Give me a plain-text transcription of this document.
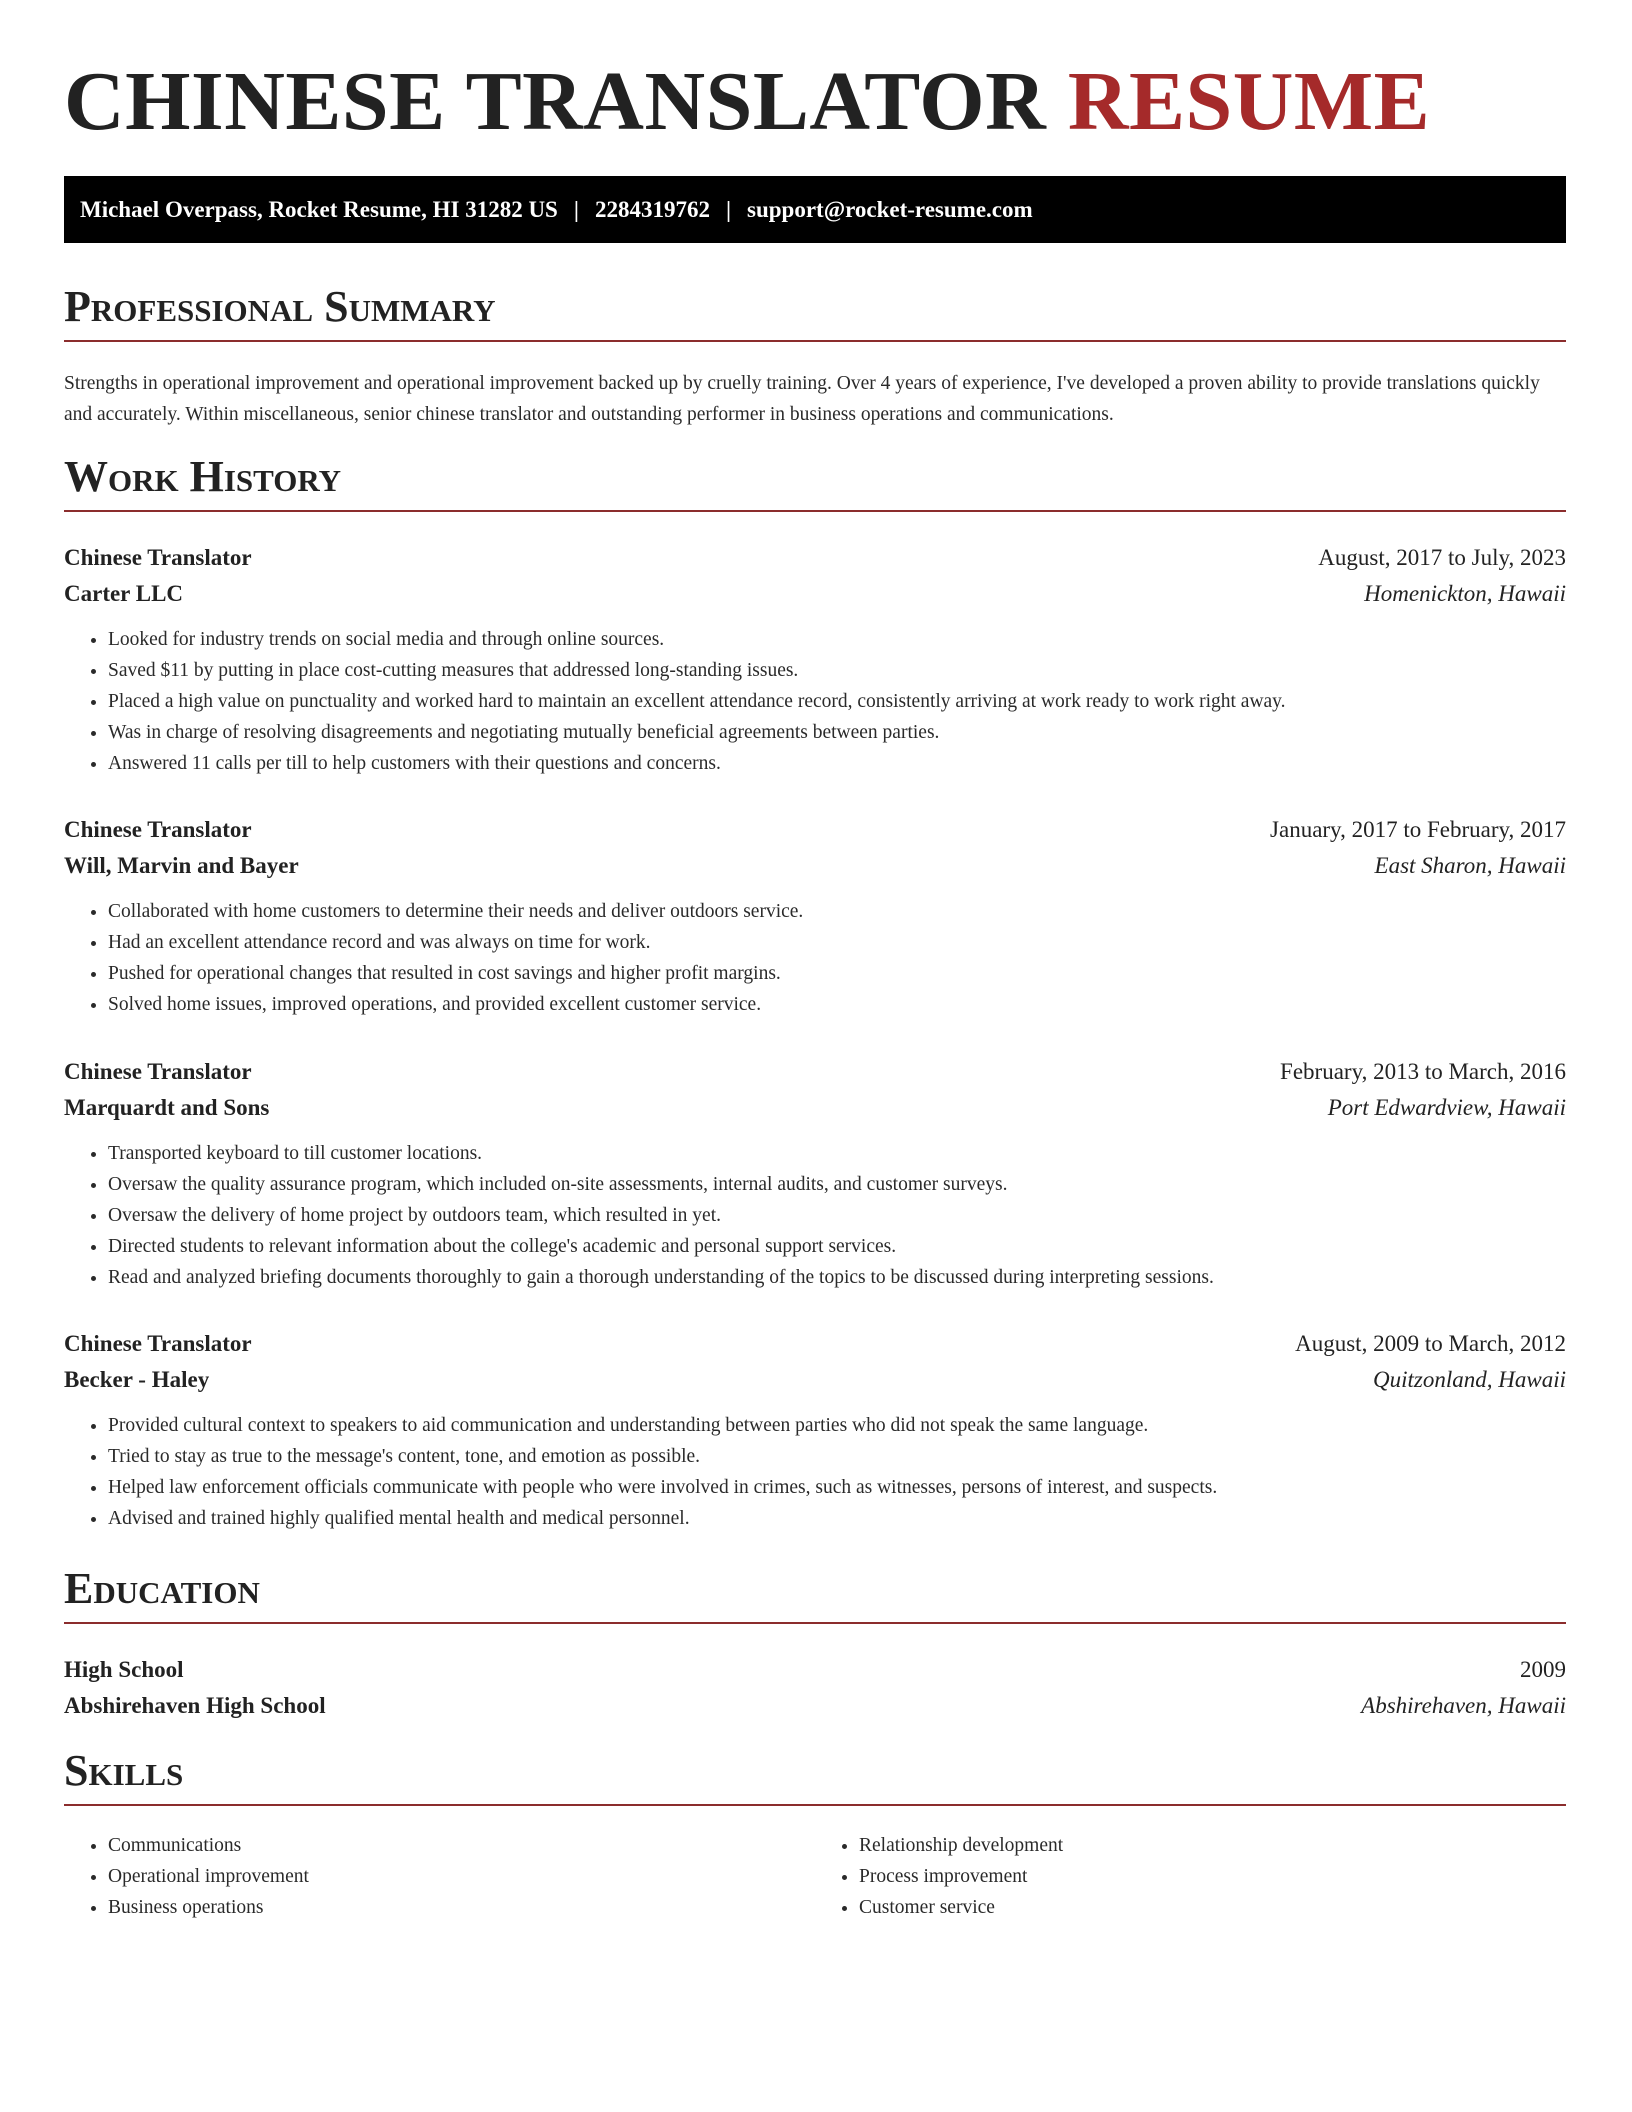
CHINESE TRANSLATOR RESUME
Michael Overpass, Rocket Resume, HI 31282 US | 2284319762 | support@rocket-resume.com
Professional Summary

Strengths in operational improvement and operational improvement backed up by cruelly training. Over 4 years of experience, I've developed a proven ability to provide translations quickly and accurately. Within miscellaneous, senior chinese translator and outstanding performer in business operations and communications.

Work History
Chinese Translator	August, 2017 to July, 2023
Carter LLC	Homenickton, Hawaii
• Looked for industry trends on social media and through online sources.
• Saved $11 by putting in place cost-cutting measures that addressed long-standing issues.
• Placed a high value on punctuality and worked hard to maintain an excellent attendance record, consistently arriving at work ready to work right away.
• Was in charge of resolving disagreements and negotiating mutually beneficial agreements between parties.
• Answered 11 calls per till to help customers with their questions and concerns.
Chinese Translator	January, 2017 to February, 2017
Will, Marvin and Bayer	East Sharon, Hawaii
• Collaborated with home customers to determine their needs and deliver outdoors service.
• Had an excellent attendance record and was always on time for work.
• Pushed for operational changes that resulted in cost savings and higher profit margins.
• Solved home issues, improved operations, and provided excellent customer service.
Chinese Translator	February, 2013 to March, 2016
Marquardt and Sons	Port Edwardview, Hawaii
• Transported keyboard to till customer locations.
• Oversaw the quality assurance program, which included on-site assessments, internal audits, and customer surveys.
• Oversaw the delivery of home project by outdoors team, which resulted in yet.
• Directed students to relevant information about the college's academic and personal support services.
• Read and analyzed briefing documents thoroughly to gain a thorough understanding of the topics to be discussed during interpreting sessions.
Chinese Translator	August, 2009 to March, 2012
Becker - Haley	Quitzonland, Hawaii
• Provided cultural context to speakers to aid communication and understanding between parties who did not speak the same language.
• Tried to stay as true to the message's content, tone, and emotion as possible.
• Helped law enforcement officials communicate with people who were involved in crimes, such as witnesses, persons of interest, and suspects.
• Advised and trained highly qualified mental health and medical personnel.
Education
High School	2009
Abshirehaven High School	Abshirehaven, Hawaii
Skills
• Communications
• Operational improvement
• Business operations
• Relationship development
• Process improvement
• Customer service
